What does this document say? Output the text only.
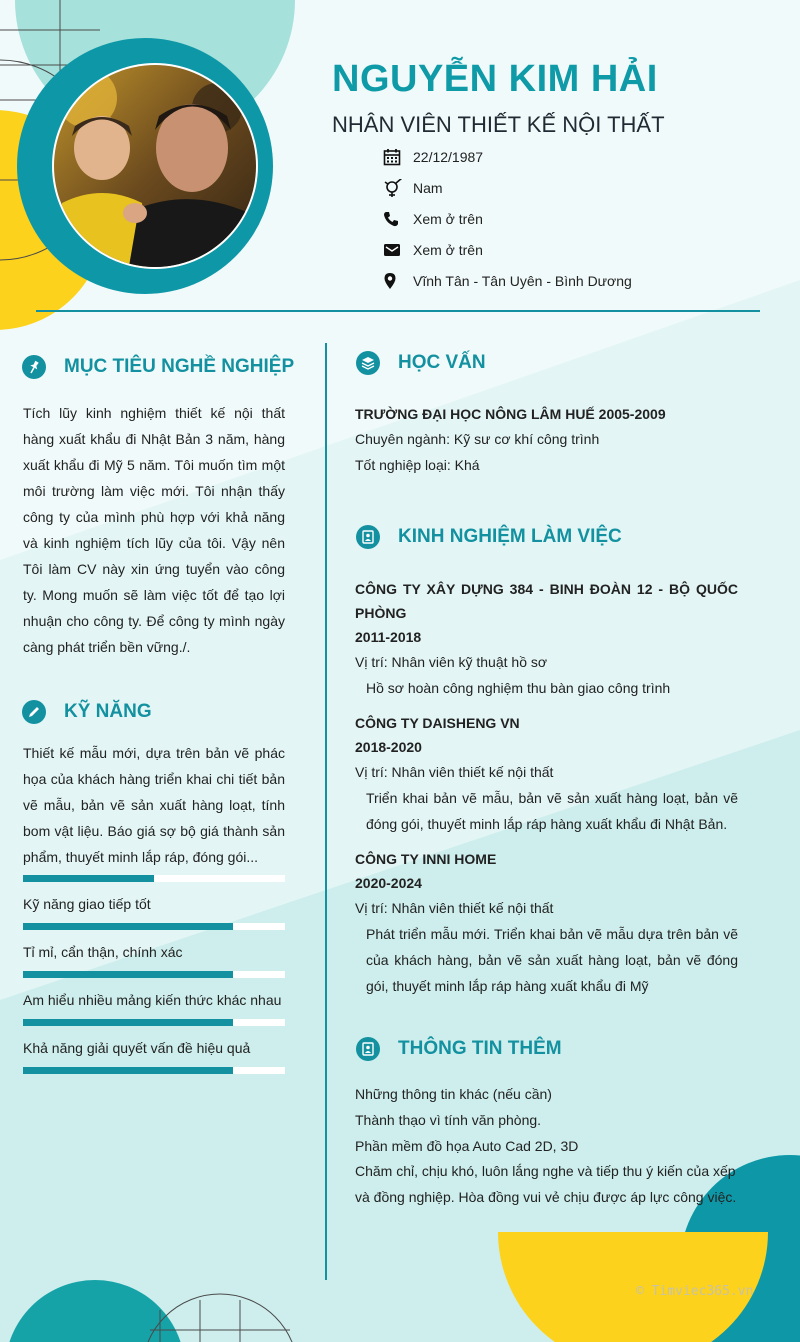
NGUYỄN KIM HẢI
NHÂN VIÊN THIẾT KẾ NỘI THẤT
22/12/1987
Nam
Xem ở trên
Xem ở trên
Vĩnh Tân - Tân Uyên - Bình Dương
MỤC TIÊU NGHỀ NGHIỆP

Tích lũy kinh nghiệm thiết kế nội thất hàng xuất khẩu đi Nhật Bản 3 năm, hàng xuất khẩu đi Mỹ 5 năm. Tôi muốn tìm một môi trường làm việc mới. Tôi nhận thấy công ty của mình phù hợp với khả năng và kinh nghiệm tích lũy của tôi. Vậy nên Tôi làm CV này xin ứng tuyển vào công ty. Mong muốn sẽ làm việc tốt để tạo lợi nhuận cho công ty. Để công ty mình ngày càng phát triển bền vững./.

KỸ NĂNG

Thiết kế mẫu mới, dựa trên bản vẽ phác họa của khách hàng triển khai chi tiết bản vẽ mẫu, bản vẽ sản xuất hàng loạt, tính bom vật liệu. Báo giá sợ bộ giá thành sản phẩm, thuyết minh lắp ráp, đóng gói...

Kỹ năng giao tiếp tốt
Tỉ mỉ, cẩn thận, chính xác
Am hiểu nhiều mảng kiến thức khác nhau
Khả năng giải quyết vấn đề hiệu quả
HỌC VẤN
TRƯỜNG ĐẠI HỌC NÔNG LÂM HUẾ 2005-2009
Chuyên ngành: Kỹ sư cơ khí công trình
Tốt nghiệp loại: Khá
KINH NGHIỆM LÀM VIỆC
CÔNG TY XÂY DỰNG 384 - BINH ĐOÀN 12 - BỘ QUỐC PHÒNG
2011-2018
Vị trí: Nhân viên kỹ thuật hồ sơ
Hồ sơ hoàn công nghiệm thu bàn giao công trình
CÔNG TY DAISHENG VN
2018-2020
Vị trí: Nhân viên thiết kế nội thất
Triển khai bản vẽ mẫu, bản vẽ sản xuất hàng loạt, bản vẽ đóng gói, thuyết minh lắp ráp hàng xuất khẩu đi Nhật Bản.
CÔNG TY INNI HOME
2020-2024
Vị trí: Nhân viên thiết kế nội thất
Phát triển mẫu mới. Triển khai bản vẽ mẫu dựa trên bản vẽ của khách hàng, bản vẽ sản xuất hàng loạt, bản vẽ đóng gói, thuyết minh lắp ráp hàng xuất khẩu đi Mỹ
THÔNG TIN THÊM
Những thông tin khác (nếu cần)
Thành thạo vì tính văn phòng.
Phần mềm đồ họa Auto Cad 2D, 3D

Chăm chỉ, chịu khó, luôn lắng nghe và tiếp thu ý kiến của xếp và đồng nghiệp. Hòa đồng vui vẻ chịu được áp lực công việc.

© Timviec365.vn
